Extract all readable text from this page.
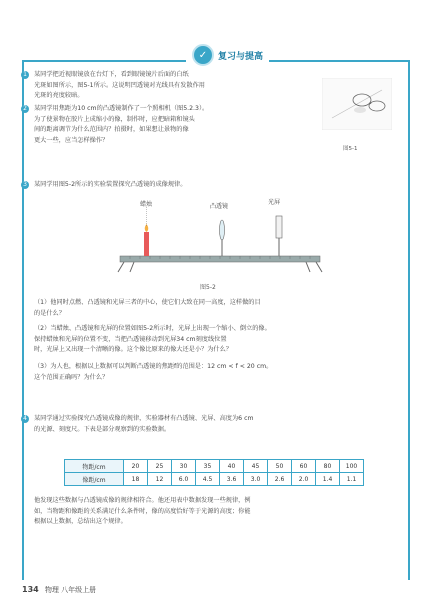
✓	复习与提高
1	某同学把近视眼镜放在台灯下，看到眼镜镜片后面的白纸
光斑如图所示，图5-1所示。这说明凹透镜对光线具有发散作用
光斑的亮度较暗。
2	某同学用焦距为10 cm的凸透镜制作了一个照相机（图5.2.3）。
为了使景物在胶片上成缩小的像，制作时，应把暗箱和镜头
间的距离调节为什么范围内？拍摄时，如果想让景物的像
更大一些，应当怎样操作？
3	某同学用图5-2所示的实验装置探究凸透镜的成像规律。
图5-1
蜡烛	凸透镜
光屏
图5-2
（1）他同时点燃、凸透镜和光屏三者的中心，使它们大致在同一高度，这样做的目
的是什么？
（2）当蜡烛、凸透镜和光屏的位置如图5-2所示时，光屏上出现一个缩小、倒立的像。
保持蜡烛和光屏的位置不变，当把凸透镜移动到光屏34 cm刻度线位置
时，光屏上又出现一个清晰的像。这个像比原来的像大还是小？为什么？
（3）为人也，根据以上数据可以判断凸透镜的焦距f的范围是：12 cm < f < 20 cm。
这个范围正确吗？为什么？
4	某同学通过实验探究凸透镜成像的规律，实验器材有凸透镜、光屏、高度为6 cm
的光源、刻度尺。下表是部分观察到的实验数据。
物距/cm	20	25	30	35	40	45	50	60	80	100
像距/cm	18	12	6.0	4.5	3.6	3.0	2.6	2.0	1.4	1.1
他发现这些数据与凸透镜成像的规律相符合。他还用表中数据发现一些规律，例
如，当物距和像距的关系满足什么条件时，像的高度恰好等于光源的高度；你能
根据以上数据，总结出这个规律。
134 物理 八年级上册
